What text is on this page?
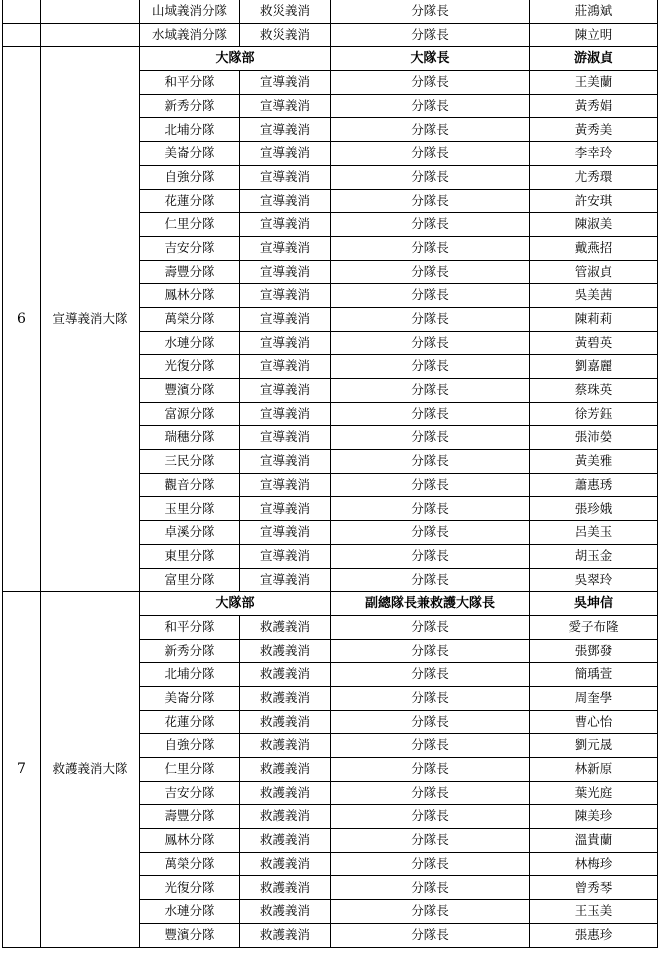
		山域義消分隊	救災義消	分隊長	莊鴻斌
		水域義消分隊	救災義消	分隊長	陳立明
6	宣導義消大隊	大隊部		大隊長	游淑貞
		和平分隊	宣導義消	分隊長	王美蘭
		新秀分隊	宣導義消	分隊長	黃秀娟
		北埔分隊	宣導義消	分隊長	黃秀美
		美崙分隊	宣導義消	分隊長	李幸玲
		自強分隊	宣導義消	分隊長	尤秀環
		花蓮分隊	宣導義消	分隊長	許安琪
		仁里分隊	宣導義消	分隊長	陳淑美
		吉安分隊	宣導義消	分隊長	戴燕招
		壽豐分隊	宣導義消	分隊長	管淑貞
		鳳林分隊	宣導義消	分隊長	吳美茜
		萬榮分隊	宣導義消	分隊長	陳莉莉
		水璉分隊	宣導義消	分隊長	黃碧英
		光復分隊	宣導義消	分隊長	劉嘉麗
		豐濱分隊	宣導義消	分隊長	蔡珠英
		富源分隊	宣導義消	分隊長	徐芳鈺
		瑞穗分隊	宣導義消	分隊長	張沛嫈
		三民分隊	宣導義消	分隊長	黃美雅
		觀音分隊	宣導義消	分隊長	蕭惠琇
		玉里分隊	宣導義消	分隊長	張珍娥
		卓溪分隊	宣導義消	分隊長	呂美玉
		東里分隊	宣導義消	分隊長	胡玉金
		富里分隊	宣導義消	分隊長	吳翠玲
7	救護義消大隊	大隊部		副總隊長兼救護大隊長	吳坤信
		和平分隊	救護義消	分隊長	愛子布隆
		新秀分隊	救護義消	分隊長	張鄧發
		北埔分隊	救護義消	分隊長	簡瑀萱
		美崙分隊	救護義消	分隊長	周奎學
		花蓮分隊	救護義消	分隊長	曹心怡
		自強分隊	救護義消	分隊長	劉元晟
		仁里分隊	救護義消	分隊長	林新原
		吉安分隊	救護義消	分隊長	葉光庭
		壽豐分隊	救護義消	分隊長	陳美珍
		鳳林分隊	救護義消	分隊長	溫貴蘭
		萬榮分隊	救護義消	分隊長	林梅珍
		光復分隊	救護義消	分隊長	曾秀琴
		水璉分隊	救護義消	分隊長	王玉美
		豐濱分隊	救護義消	分隊長	張惠珍
